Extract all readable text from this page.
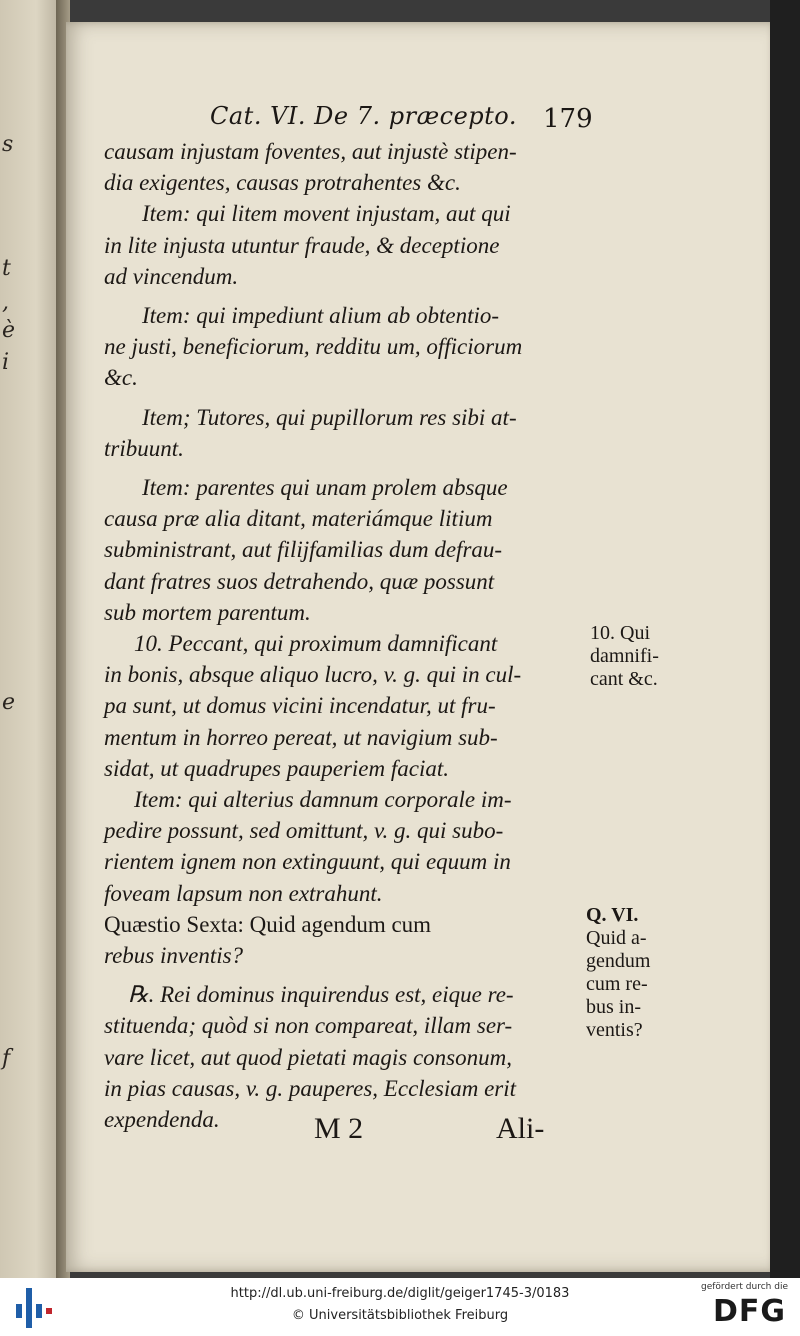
s
t
,
è
i
e
f
Cat. VI. De 7. præcepto. 179
causam injustam foventes, aut injustè stipen-
dia exigentes, causas protrahentes &c.
Item: qui litem movent injustam, aut qui
in lite injusta utuntur fraude, & deceptione
ad vincendum.
Item: qui impediunt alium ab obtentio-
ne justi, beneficiorum, redditu um, officiorum
&c.
Item; Tutores, qui pupillorum res sibi at-
tribuunt.
Item: parentes qui unam prolem absque
causa præ alia ditant, materiámque litium
subministrant, aut filijfamilias dum defrau-
dant fratres suos detrahendo, quæ possunt
sub mortem parentum.
10. Peccant, qui proximum damnificant
in bonis, absque aliquo lucro, v. g. qui in cul-
pa sunt, ut domus vicini incendatur, ut fru-
mentum in horreo pereat, ut navigium sub-
sidat, ut quadrupes pauperiem faciat.
Item: qui alterius damnum corporale im-
pedire possunt, sed omittunt, v. g. qui subo-
rientem ignem non extinguunt, qui equum in
foveam lapsum non extrahunt.
Quæstio Sexta: Quid agendum cum
rebus inventis?
℞. Rei dominus inquirendus est, eique re-
stituenda; quòd si non compareat, illam ser-
vare licet, aut quod pietati magis consonum,
in pias causas, v. g. pauperes, Ecclesiam erit
expendenda.
10. Qui
damnifi-
cant &c.
Q. VI.
Quid a-
gendum
cum re-
bus in-
ventis?
M 2	Ali-
http://dl.ub.uni-freiburg.de/diglit/geiger1745-3/0183
© Universitätsbibliothek Freiburg
gefördert durch die
DFG
